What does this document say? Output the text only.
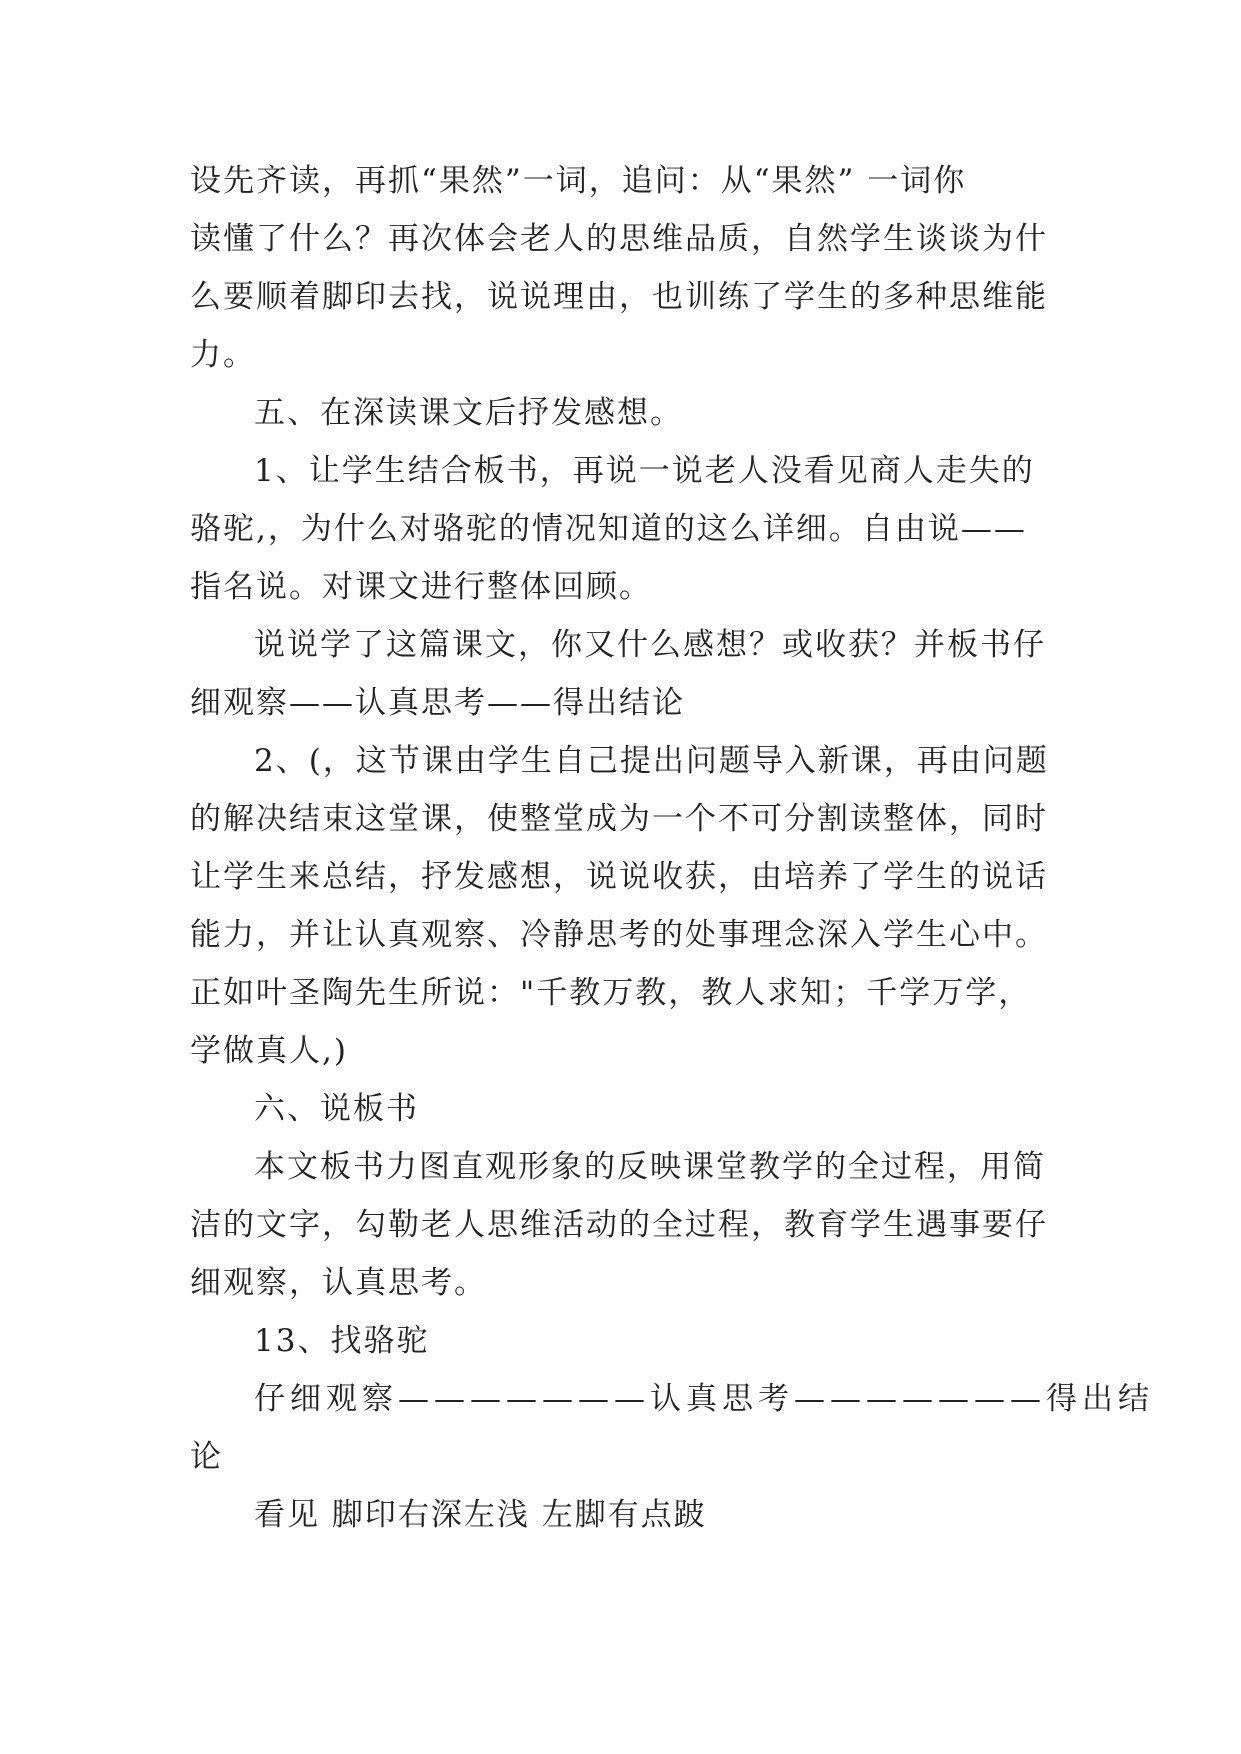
设先齐读，再抓“果然”一词，追问：从“果然” 一词你
读懂了什么？再次体会老人的思维品质，自然学生谈谈为什
么要顺着脚印去找，说说理由，也训练了学生的多种思维能
力。
五、在深读课文后抒发感想。
1、让学生结合板书，再说一说老人没看见商人走失的
骆驼,，为什么对骆驼的情况知道的这么详细。自由说——
指名说。对课文进行整体回顾。
说说学了这篇课文，你又什么感想？或收获？并板书仔
细观察——认真思考——得出结论
2、(，这节课由学生自己提出问题导入新课，再由问题
的解决结束这堂课，使整堂成为一个不可分割读整体，同时
让学生来总结，抒发感想，说说收获，由培养了学生的说话
能力，并让认真观察、冷静思考的处事理念深入学生心中。
正如叶圣陶先生所说："千教万教，教人求知；千学万学，
学做真人,)
六、说板书
本文板书力图直观形象的反映课堂教学的全过程，用简
洁的文字，勾勒老人思维活动的全过程，教育学生遇事要仔
细观察，认真思考。
13、找骆驼
仔细观察———————认真思考———————得出结
论
看见 脚印右深左浅 左脚有点跛
